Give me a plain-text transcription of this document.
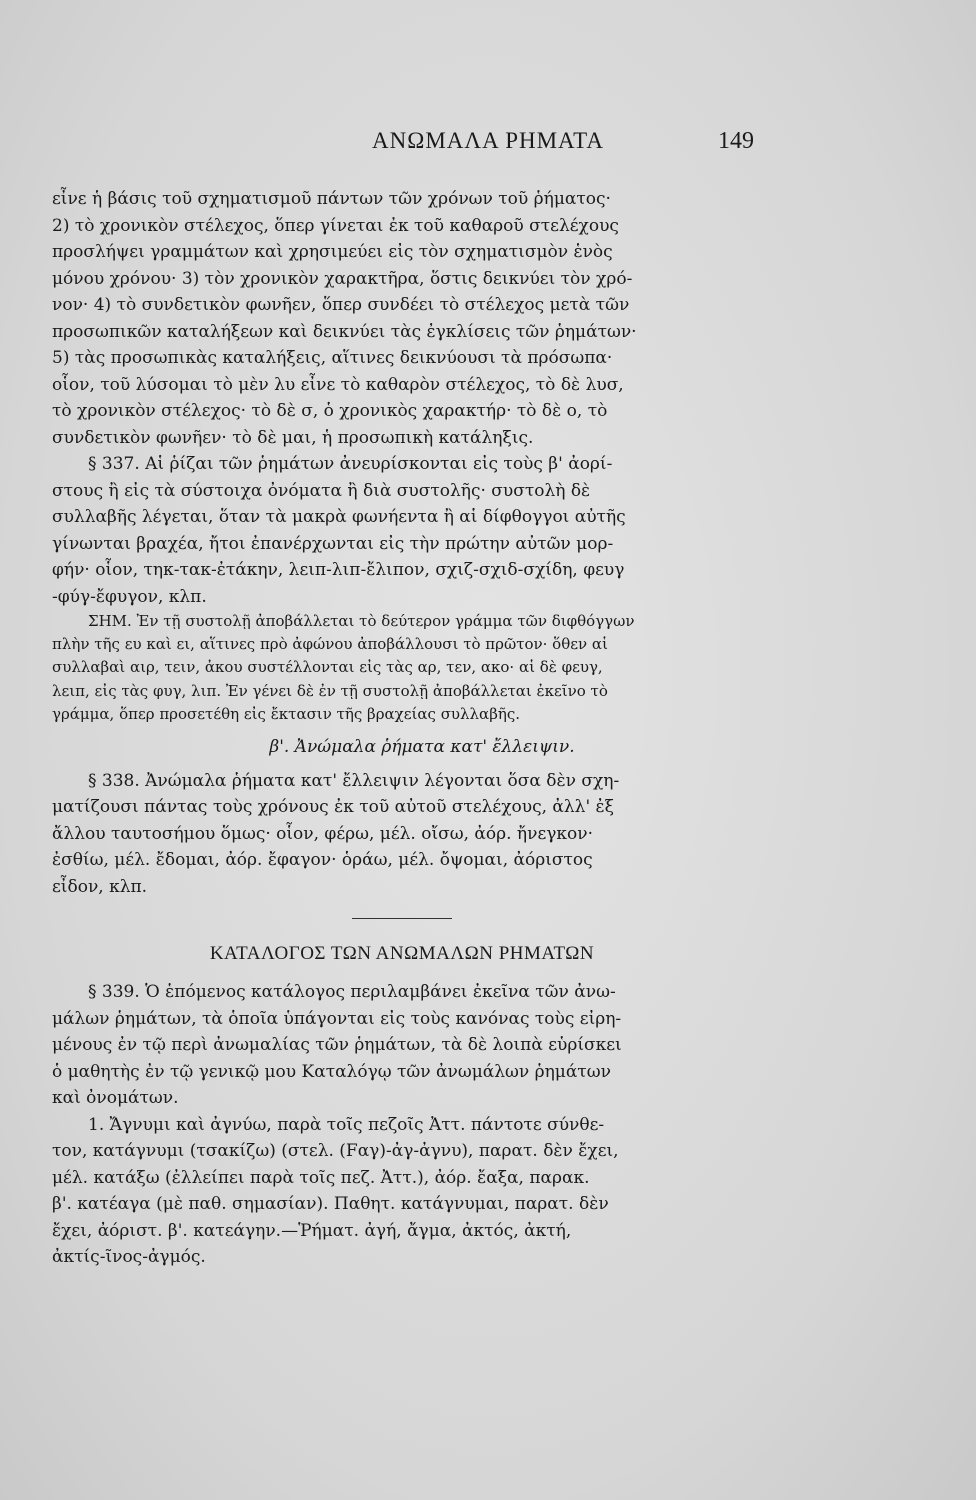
ΑΝΩΜΑΛΑ ΡΗΜΑΤΑ	149
εἶνε ἡ βάσις τοῦ σχηματισμοῦ πάντων τῶν χρόνων τοῦ ῥήματος·
2) τὸ χρονικὸν στέλεχος, ὅπερ γίνεται ἐκ τοῦ καθαροῦ στελέχους
προσλήψει γραμμάτων καὶ χρησιμεύει εἰς τὸν σχηματισμὸν ἑνὸς
μόνου χρόνου· 3) τὸν χρονικὸν χαρακτῆρα, ὅστις δεικνύει τὸν χρό-
νον· 4) τὸ συνδετικὸν φωνῆεν, ὅπερ συνδέει τὸ στέλεχος μετὰ τῶν
προσωπικῶν καταλήξεων καὶ δεικνύει τὰς ἐγκλίσεις τῶν ῥημάτων·
5) τὰς προσωπικὰς καταλήξεις, αἵτινες δεικνύουσι τὰ πρόσωπα·
οἷον, τοῦ λύσομαι τὸ μὲν λυ εἶνε τὸ καθαρὸν στέλεχος, τὸ δὲ λυσ,
τὸ χρονικὸν στέλεχος· τὸ δὲ σ, ὁ χρονικὸς χαρακτήρ· τὸ δὲ ο, τὸ
συνδετικὸν φωνῆεν· τὸ δὲ μαι, ἡ προσωπικὴ κατάληξις.
§ 337. Αἱ ῥίζαι τῶν ῥημάτων ἀνευρίσκονται εἰς τοὺς β' ἀορί-
στους ἢ εἰς τὰ σύστοιχα ὀνόματα ἢ διὰ συστολῆς· συστολὴ δὲ
συλλαβῆς λέγεται, ὅταν τὰ μακρὰ φωνήεντα ἢ αἱ δίφθογγοι αὐτῆς
γίνωνται βραχέα, ἤτοι ἐπανέρχωνται εἰς τὴν πρώτην αὐτῶν μορ-
φήν· οἷον, τηκ-τακ-ἐτάκην, λειπ-λιπ-ἔλιπον, σχιζ-σχιδ-σχίδη, φευγ
-φύγ-ἔφυγον, κλπ.
ΣΗΜ. Ἐν τῇ συστολῇ ἀποβάλλεται τὸ δεύτερον γράμμα τῶν διφθόγγων
πλὴν τῆς ευ καὶ ει, αἵτινες πρὸ ἀφώνου ἀποβάλλουσι τὸ πρῶτον· ὅθεν αἱ
συλλαβαὶ αιρ, τειν, ἀκου συστέλλονται εἰς τὰς αρ, τεν, ακο· αἱ δὲ φευγ,
λειπ, εἰς τὰς φυγ, λιπ. Ἐν γένει δὲ ἐν τῇ συστολῇ ἀποβάλλεται ἐκεῖνο τὸ
γράμμα, ὅπερ προσετέθη εἰς ἔκτασιν τῆς βραχείας συλλαβῆς.
β'. Ἀνώμαλα ῥήματα κατ' ἔλλειψιν.
§ 338. Ἀνώμαλα ῥήματα κατ' ἔλλειψιν λέγονται ὅσα δὲν σχη-
ματίζουσι πάντας τοὺς χρόνους ἐκ τοῦ αὐτοῦ στελέχους, ἀλλ' ἐξ
ἄλλου ταυτοσήμου ὅμως· οἷον, φέρω, μέλ. οἴσω, ἀόρ. ἤνεγκον·
ἐσθίω, μέλ. ἔδομαι, ἀόρ. ἔφαγον· ὁράω, μέλ. ὄψομαι, ἀόριστος
εἶδον, κλπ.
ΚΑΤΑΛΟΓΟΣ ΤΩΝ ΑΝΩΜΑΛΩΝ ΡΗΜΑΤΩΝ
§ 339. Ὁ ἑπόμενος κατάλογος περιλαμβάνει ἐκεῖνα τῶν ἀνω-
μάλων ῥημάτων, τὰ ὁποῖα ὑπάγονται εἰς τοὺς κανόνας τοὺς εἰρη-
μένους ἐν τῷ περὶ ἀνωμαλίας τῶν ῥημάτων, τὰ δὲ λοιπὰ εὑρίσκει
ὁ μαθητὴς ἐν τῷ γενικῷ μου Καταλόγῳ τῶν ἀνωμάλων ῥημάτων
καὶ ὀνομάτων.
1. Ἄγνυμι καὶ ἀγνύω, παρὰ τοῖς πεζοῖς Ἀττ. πάντοτε σύνθε-
τον, κατάγνυμι (τσακίζω) (στελ. (Fαγ)-ἀγ-ἀγνυ), παρατ. δὲν ἔχει,
μέλ. κατάξω (ἐλλείπει παρὰ τοῖς πεζ. Ἀττ.), ἀόρ. ἔαξα, παρακ.
β'. κατέαγα (μὲ παθ. σημασίαν). Παθητ. κατάγνυμαι, παρατ. δὲν
ἔχει, ἀόριστ. β'. κατεάγην.—Ῥήματ. ἀγή, ἄγμα, ἀκτός, ἀκτή,
ἀκτίς-ῖνος-ἀγμός.
